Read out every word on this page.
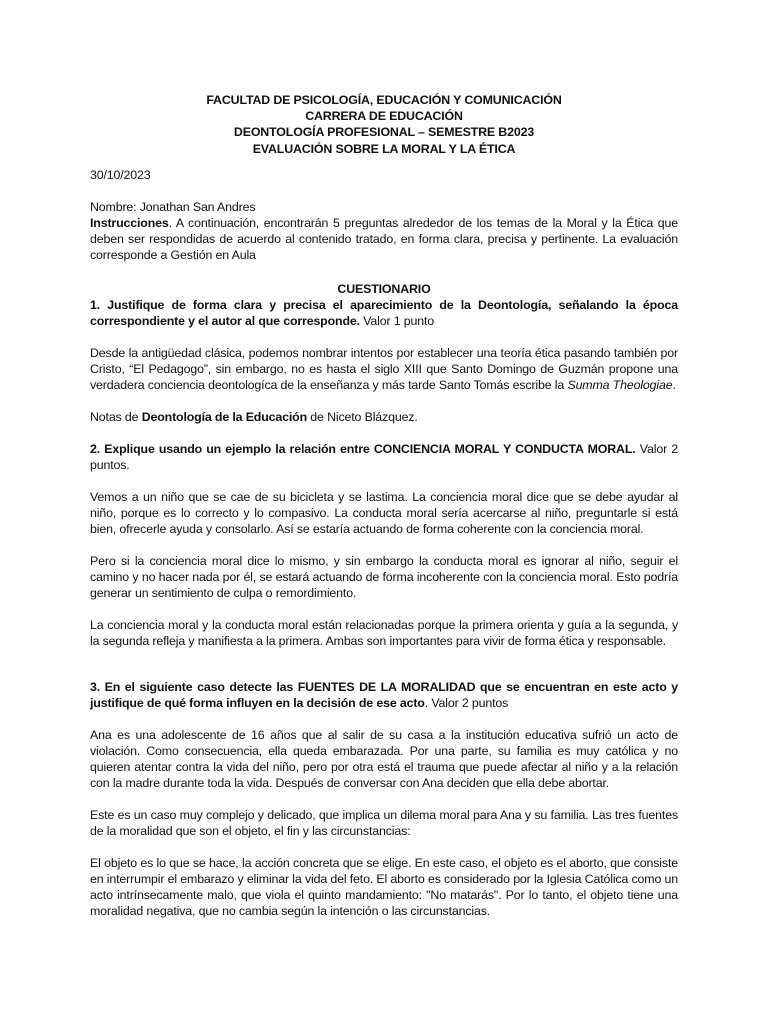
FACULTAD DE PSICOLOGÍA, EDUCACIÓN Y COMUNICACIÓN
CARRERA DE EDUCACIÓN
DEONTOLOGÍA PROFESIONAL – SEMESTRE B2023
EVALUACIÓN SOBRE LA MORAL Y LA ÉTICA

30/10/2023

Nombre: Jonathan San Andres

Instrucciones. A continuación, encontrarán 5 preguntas alrededor de los temas de la Moral y la Ética que deben ser respondidas de acuerdo al contenido tratado, en forma clara, precisa y pertinente. La evaluación corresponde a Gestión en Aula

CUESTIONARIO

1. Justifique de forma clara y precisa el aparecimiento de la Deontología, señalando la época correspondiente y el autor al que corresponde. Valor 1 punto

Desde la antigüedad clásica, podemos nombrar intentos por establecer una teoría ética pasando también por Cristo, “El Pedagogo”, sin embargo, no es hasta el siglo XIII que Santo Domingo de Guzmán propone una verdadera conciencia deontologíca de la enseñanza y más tarde Santo Tomás escribe la Summa Theologiae.

Notas de Deontología de la Educación de Niceto Blázquez.

2. Explique usando un ejemplo la relación entre CONCIENCIA MORAL Y CONDUCTA MORAL. Valor 2 puntos.

Vemos a un niño que se cae de su bicicleta y se lastima. La conciencia moral dice que se debe ayudar al niño, porque es lo correcto y lo compasivo. La conducta moral sería acercarse al niño, preguntarle si está bien, ofrecerle ayuda y consolarlo. Así se estaría actuando de forma coherente con la conciencia moral.

Pero si la conciencia moral dice lo mismo, y sin embargo la conducta moral es ignorar al niño, seguir el camino y no hacer nada por él, se estará actuando de forma incoherente con la conciencia moral. Esto podría generar un sentimiento de culpa o remordimiento.

La conciencia moral y la conducta moral están relacionadas porque la primera orienta y guía a la segunda, y la segunda refleja y manifiesta a la primera. Ambas son importantes para vivir de forma ética y responsable.

3. En el siguiente caso detecte las FUENTES DE LA MORALIDAD que se encuentran en este acto y justifique de qué forma influyen en la decisión de ese acto. Valor 2 puntos

Ana es una adolescente de 16 años que al salir de su casa a la institución educativa sufrió un acto de violación. Como consecuencia, ella queda embarazada. Por una parte, su familia es muy católica y no quieren atentar contra la vida del niño, pero por otra está el trauma que puede afectar al niño y a la relación con la madre durante toda la vida. Después de conversar con Ana deciden que ella debe abortar.

Este es un caso muy complejo y delicado, que implica un dilema moral para Ana y su familia. Las tres fuentes de la moralidad que son el objeto, el fin y las circunstancias:

El objeto es lo que se hace, la acción concreta que se elige. En este caso, el objeto es el aborto, que consiste en interrumpir el embarazo y eliminar la vida del feto. El aborto es considerado por la Iglesia Católica como un acto intrínsecamente malo, que viola el quinto mandamiento: "No matarás". Por lo tanto, el objeto tiene una moralidad negativa, que no cambia según la intención o las circunstancias.
